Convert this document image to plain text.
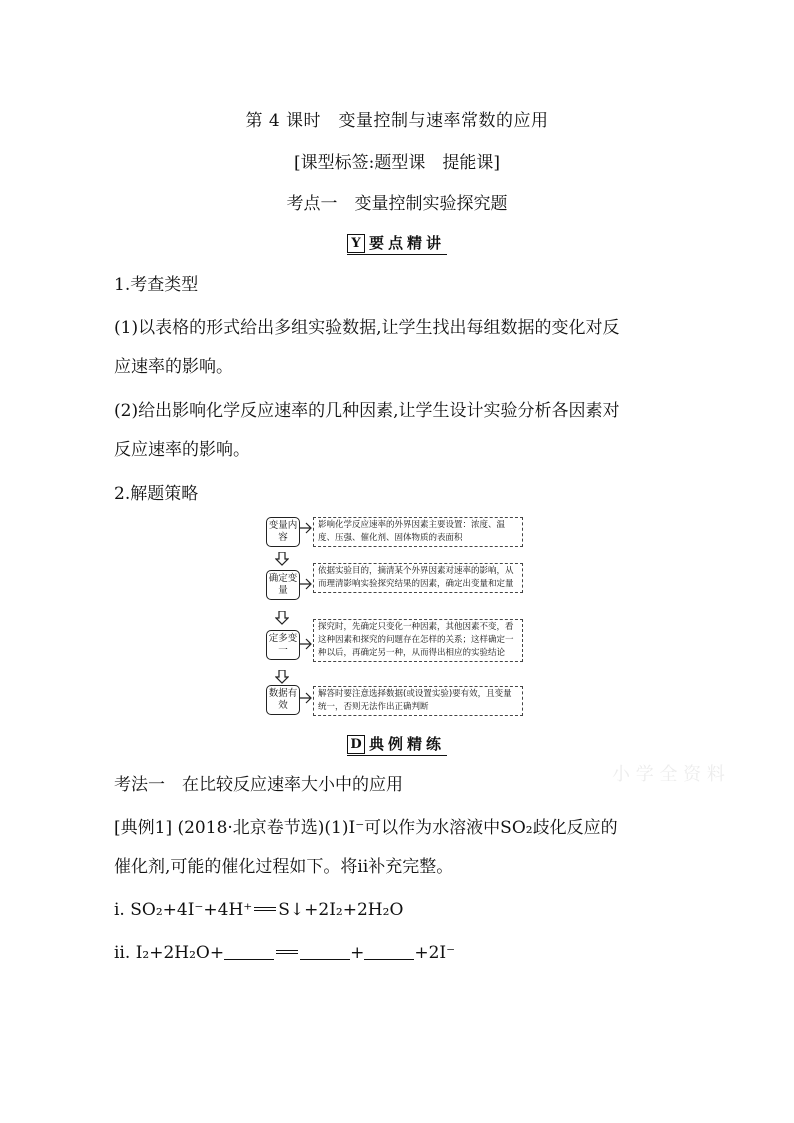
第 4 课时　变量控制与速率常数的应用
[课型标签:题型课　提能课]
考点一　变量控制实验探究题
Y 要点精讲
1.考查类型
(1)以表格的形式给出多组实验数据,让学生找出每组数据的变化对反
应速率的影响。
(2)给出影响化学反应速率的几种因素,让学生设计实验分析各因素对
反应速率的影响。
2.解题策略
变量内容
影响化学反应速率的外界因素主要设置：浓度、温度、压强、催化剂、固体物质的表面积
确定变量
依据实验目的，摘清某个外界因素对速率的影响，从而理清影响实验探究结果的因素，确定出变量和定量
定多变一
探究时，先确定只变化一种因素，其他因素不变，看这种因素和探究的问题存在怎样的关系；这样确定一种以后，再确定另一种，从而得出相应的实验结论
数据有效
解答时要注意选择数据(或设置实验)要有效，且变量统一，否则无法作出正确判断
D 典例精练
小 学 全 资 料
考法一　在比较反应速率大小中的应用
[典例1] (2018·北京卷节选)(1)I⁻可以作为水溶液中SO₂歧化反应的
催化剂,可能的催化过程如下。将ⅱ补充完整。
ⅰ. SO₂+4I⁻+4H⁺ S↓+2I₂+2H₂O
ⅱ. I₂+2H₂O+	+	+2I⁻
